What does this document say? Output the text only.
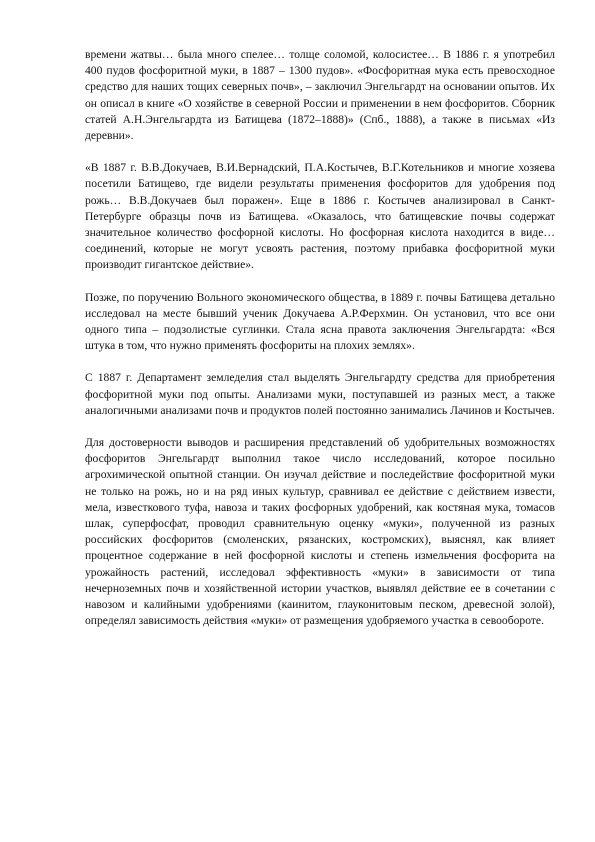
времени жатвы… была много спелее… толще соломой, колосистее… В 1886 г. я употребил 400 пудов фосфоритной муки, в 1887 – 1300 пудов». «Фосфоритная мука есть превосходное средство для наших тощих северных почв», – заключил Энгельгардт на основании опытов. Их он описал в книге «О хозяйстве в северной России и применении в нем фосфоритов. Сборник статей А.Н.Энгельгардта из Батищева (1872–1888)» (Спб., 1888), а также в письмах «Из деревни».

«В 1887 г. В.В.Докучаев, В.И.Вернадский, П.А.Костычев, В.Г.Котельников и многие хозяева посетили Батищево, где видели результаты применения фосфоритов для удобрения под рожь… В.В.Докучаев был поражен». Еще в 1886 г. Костычев анализировал в Санкт-Петербурге образцы почв из Батищева. «Оказалось, что батищевские почвы содержат значительное количество фосфорной кислоты. Но фосфорная кислота находится в виде… соединений, которые не могут усвоять растения, поэтому прибавка фосфоритной муки производит гигантское действие».

Позже, по поручению Вольного экономического общества, в 1889 г. почвы Батищева детально исследовал на месте бывший ученик Докучаева А.Р.Ферхмин. Он установил, что все они одного типа – подзолистые суглинки. Стала ясна правота заключения Энгельгардта: «Вся штука в том, что нужно применять фосфориты на плохих землях».

С 1887 г. Департамент земледелия стал выделять Энгельгардту средства для приобретения фосфоритной муки под опыты. Анализами муки, поступавшей из разных мест, а также аналогичными анализами почв и продуктов полей постоянно занимались Лачинов и Костычев.

Для достоверности выводов и расширения представлений об удобрительных возможностях фосфоритов Энгельгардт выполнил такое число исследований, которое посильно агрохимической опытной станции. Он изучал действие и последействие фосфоритной муки не только на рожь, но и на ряд иных культур, сравнивал ее действие с действием извести, мела, известкового туфа, навоза и таких фосфорных удобрений, как костяная мука, томасов шлак, суперфосфат, проводил сравнительную оценку «муки», полученной из разных российских фосфоритов (смоленских, рязанских, костромских), выяснял, как влияет процентное содержание в ней фосфорной кислоты и степень измельчения фосфорита на урожайность растений, исследовал эффективность «муки» в зависимости от типа нечерноземных почв и хозяйственной истории участков, выявлял действие ее в сочетании с навозом и калийными удобрениями (каинитом, глауконитовым песком, древесной золой), определял зависимость действия «муки» от размещения удобряемого участка в севообороте.
